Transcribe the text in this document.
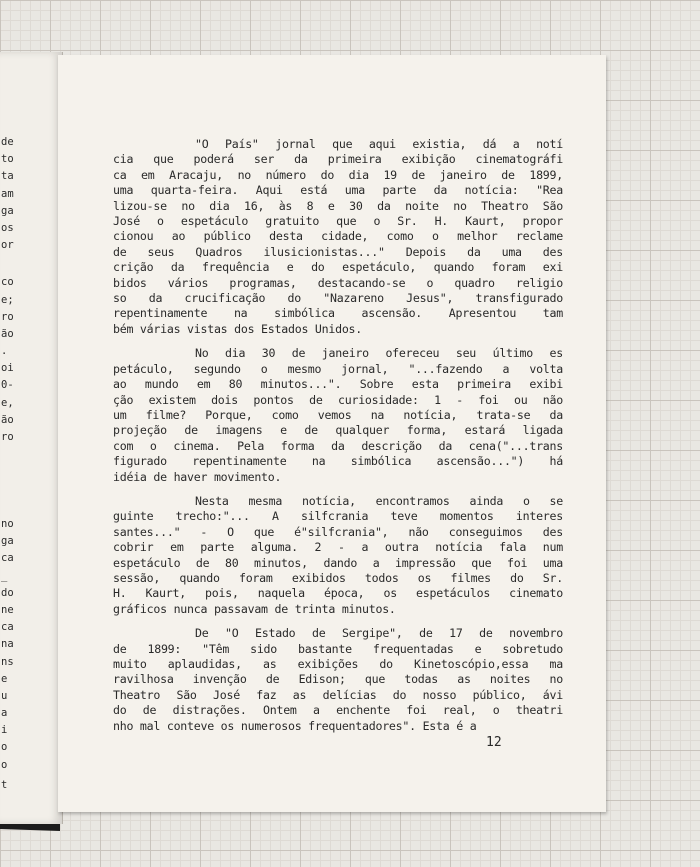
de
to
ta
am
ga
os
or
co
e;
ro
ão
.
oi
0-
e,
ão
ro
no
ga
ca
_
do
ne
ca
na
ns
e
u
a
i
o
o
t
"O País" jornal que aqui existia, dá a notí
cia que poderá ser da primeira exibição cinematográfi
ca em Aracaju, no número do dia 19 de janeiro de 1899,
uma quarta-feira. Aqui está uma parte da notícia: "Rea
lizou-se no dia 16, às 8 e 30 da noite no Theatro São
José o espetáculo gratuito que o Sr. H. Kaurt, propor
cionou ao público desta cidade, como o melhor reclame
de seus Quadros ilusicionistas..." Depois da uma des
crição da frequência e do espetáculo, quando foram exi
bidos vários programas, destacando-se o quadro religio
so da crucificação do "Nazareno Jesus", transfigurado
repentinamente na simbólica ascensão. Apresentou tam
bém várias vistas dos Estados Unidos.
No dia 30 de janeiro ofereceu seu último es
petáculo, segundo o mesmo jornal, "...fazendo a volta
ao mundo em 80 minutos...". Sobre esta primeira exibi
ção existem dois pontos de curiosidade: 1 - foi ou não
um filme? Porque, como vemos na notícia, trata-se da
projeção de imagens e de qualquer forma, estará ligada
com o cinema. Pela forma da descrição da cena("...trans
figurado repentinamente na simbólica ascensão...") há
idéia de haver movimento.
Nesta mesma notícia, encontramos ainda o se
guinte trecho:"... A silfcrania teve momentos interes
santes..." - O que é"silfcrania", não conseguimos des
cobrir em parte alguma. 2 - a outra notícia fala num
espetáculo de 80 minutos, dando a impressão que foi uma
sessão, quando foram exibidos todos os filmes do Sr.
H. Kaurt, pois, naquela época, os espetáculos cinemato
gráficos nunca passavam de trinta minutos.
De "O Estado de Sergipe", de 17 de novembro
de 1899: "Têm sido bastante frequentadas e sobretudo
muito aplaudidas, as exibições do Kinetoscópio,essa ma
ravilhosa invenção de Edison; que todas as noites no
Theatro São José faz as delícias do nosso público, ávi
do de distrações. Ontem a enchente foi real, o theatri
nho mal conteve os numerosos frequentadores". Esta é a
12
